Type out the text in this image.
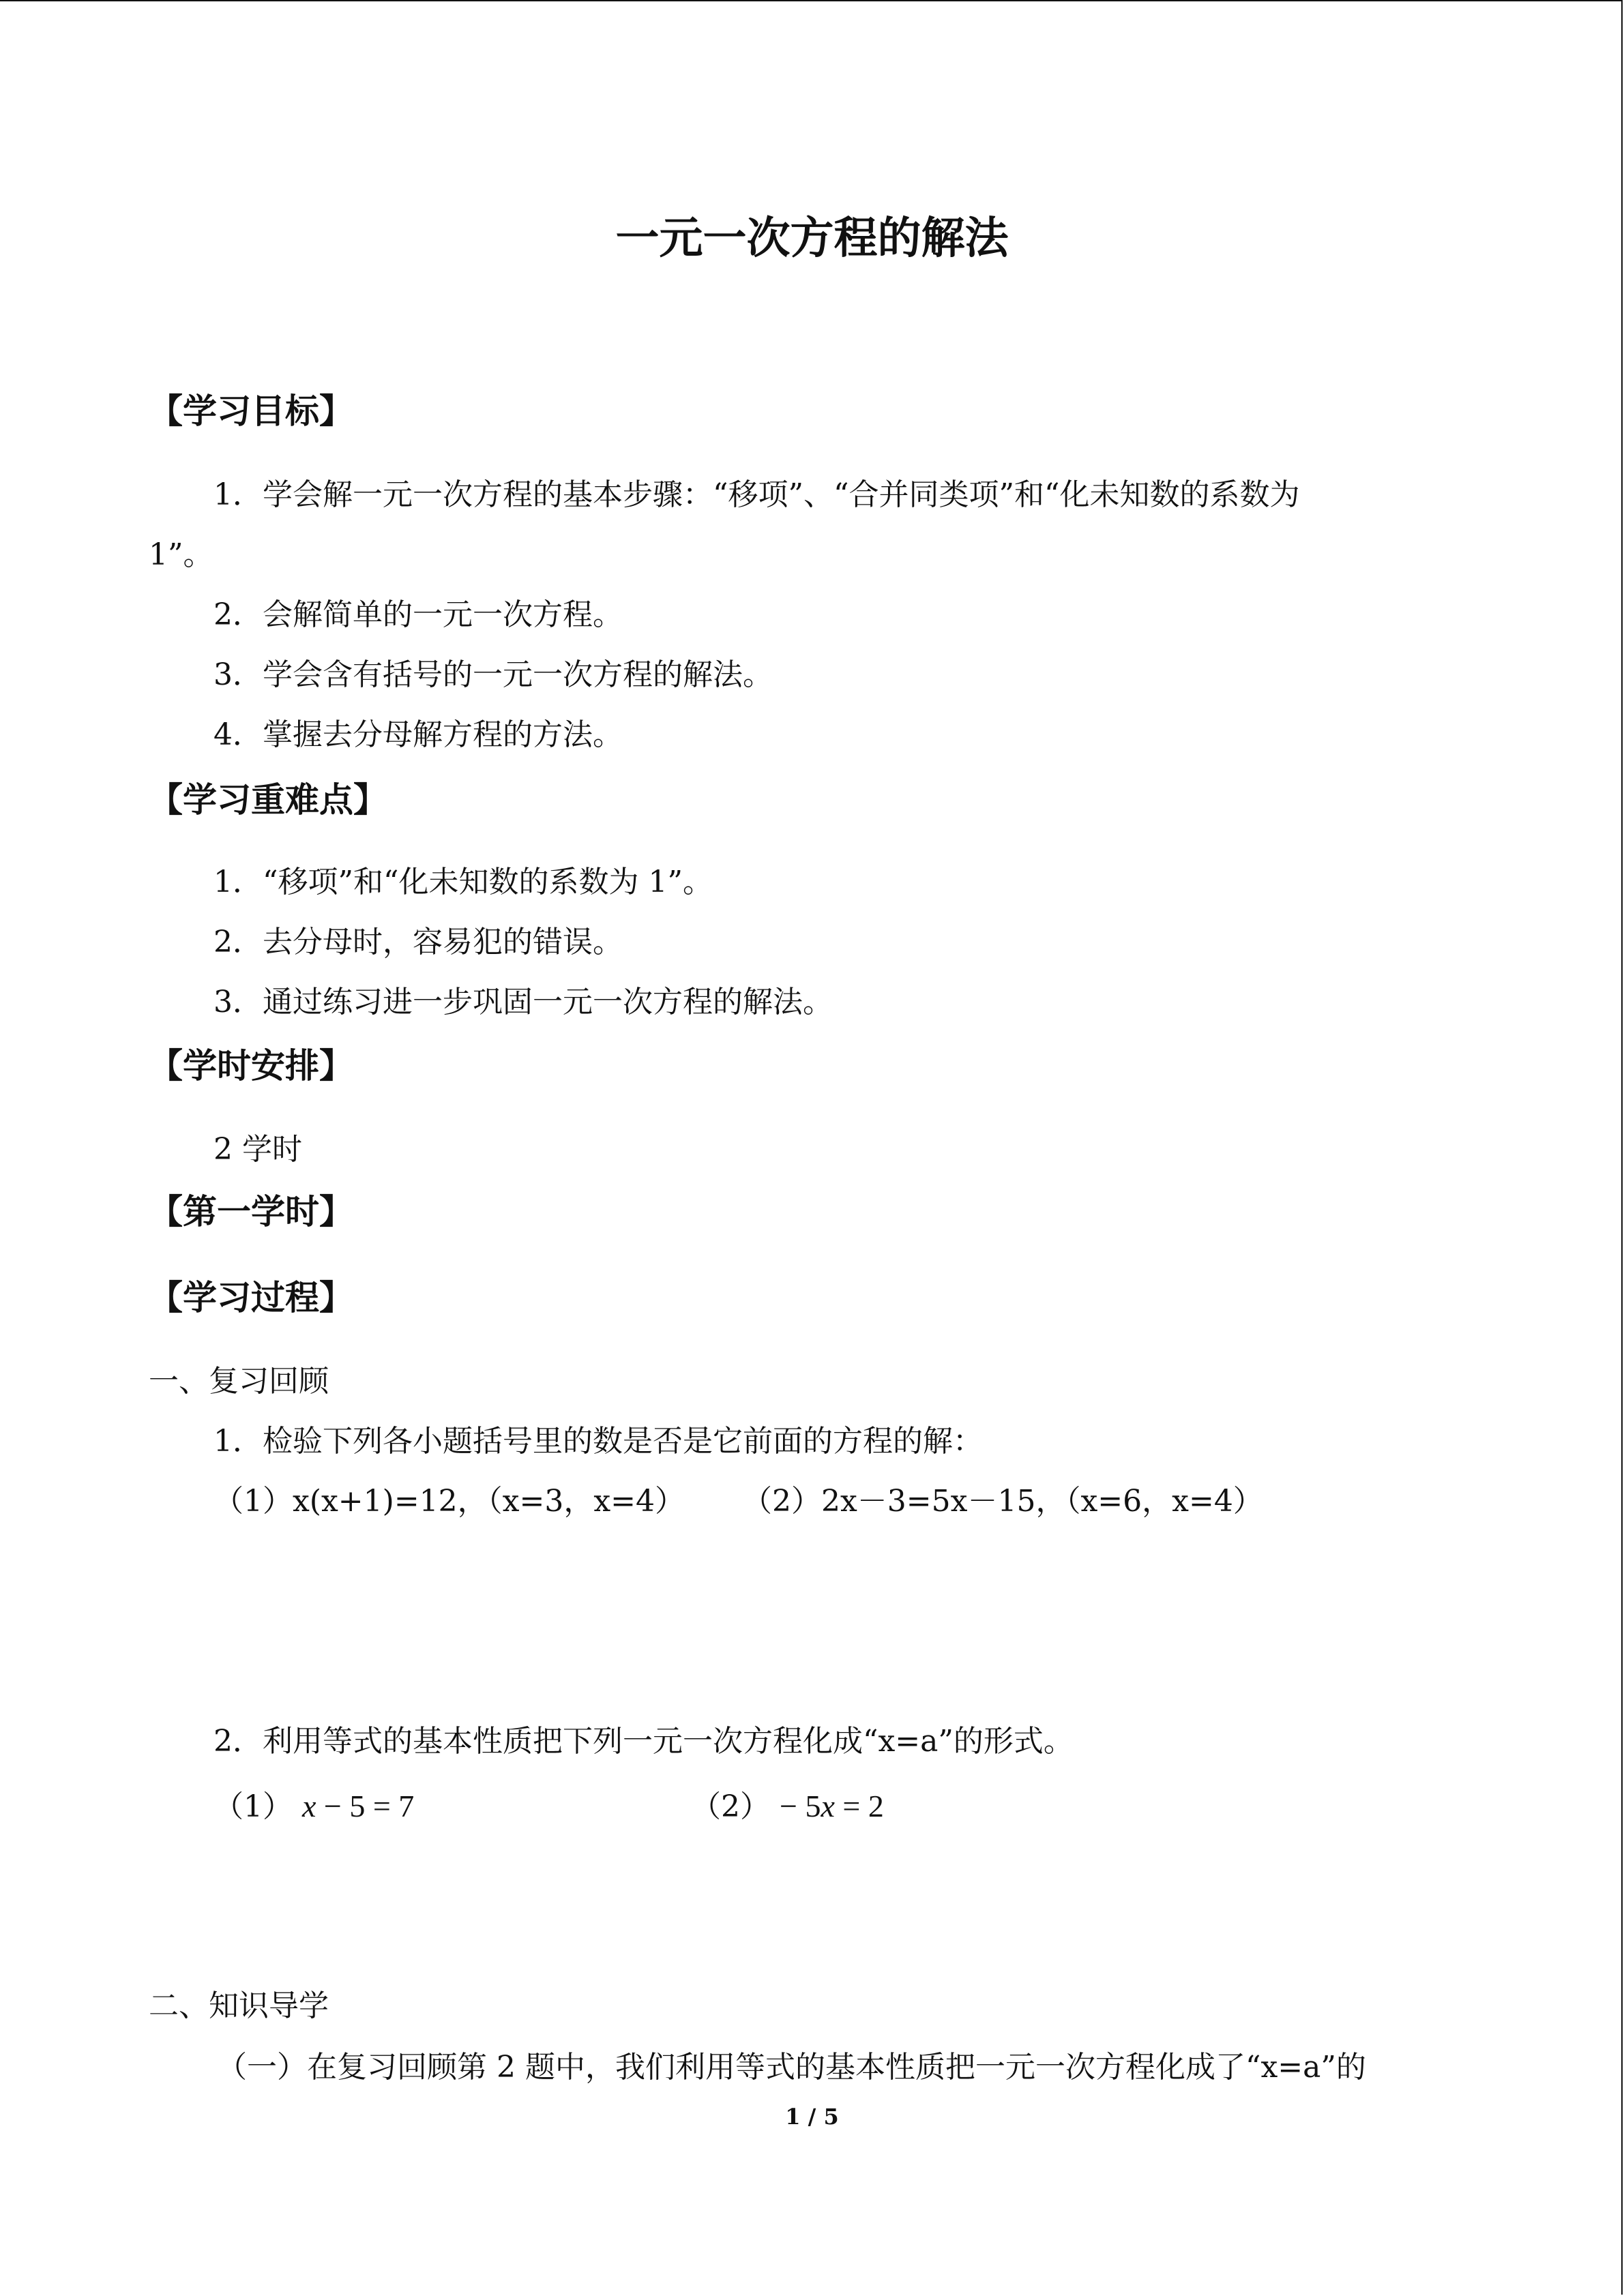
一元一次方程的解法
【学习目标】
1．学会解一元一次方程的基本步骤：“移项”、“合并同类项”和“化未知数的系数为
1”。
2．会解简单的一元一次方程。
3．学会含有括号的一元一次方程的解法。
4．掌握去分母解方程的方法。
【学习重难点】
1．“移项”和“化未知数的系数为 1”。
2．去分母时，容易犯的错误。
3．通过练习进一步巩固一元一次方程的解法。
【学时安排】
2 学时
【第一学时】
【学习过程】
一、复习回顾
1．检验下列各小题括号里的数是否是它前面的方程的解：
（1）x(x+1)=12，（x=3，x=4） （2）2x－3=5x－15，（x=6，x=4）
2．利用等式的基本性质把下列一元一次方程化成“x=a”的形式。
（1） x − 5 = 7	（2） − 5x = 2
二、知识导学
（一）在复习回顾第 2 题中，我们利用等式的基本性质把一元一次方程化成了“x=a”的
1 / 5
